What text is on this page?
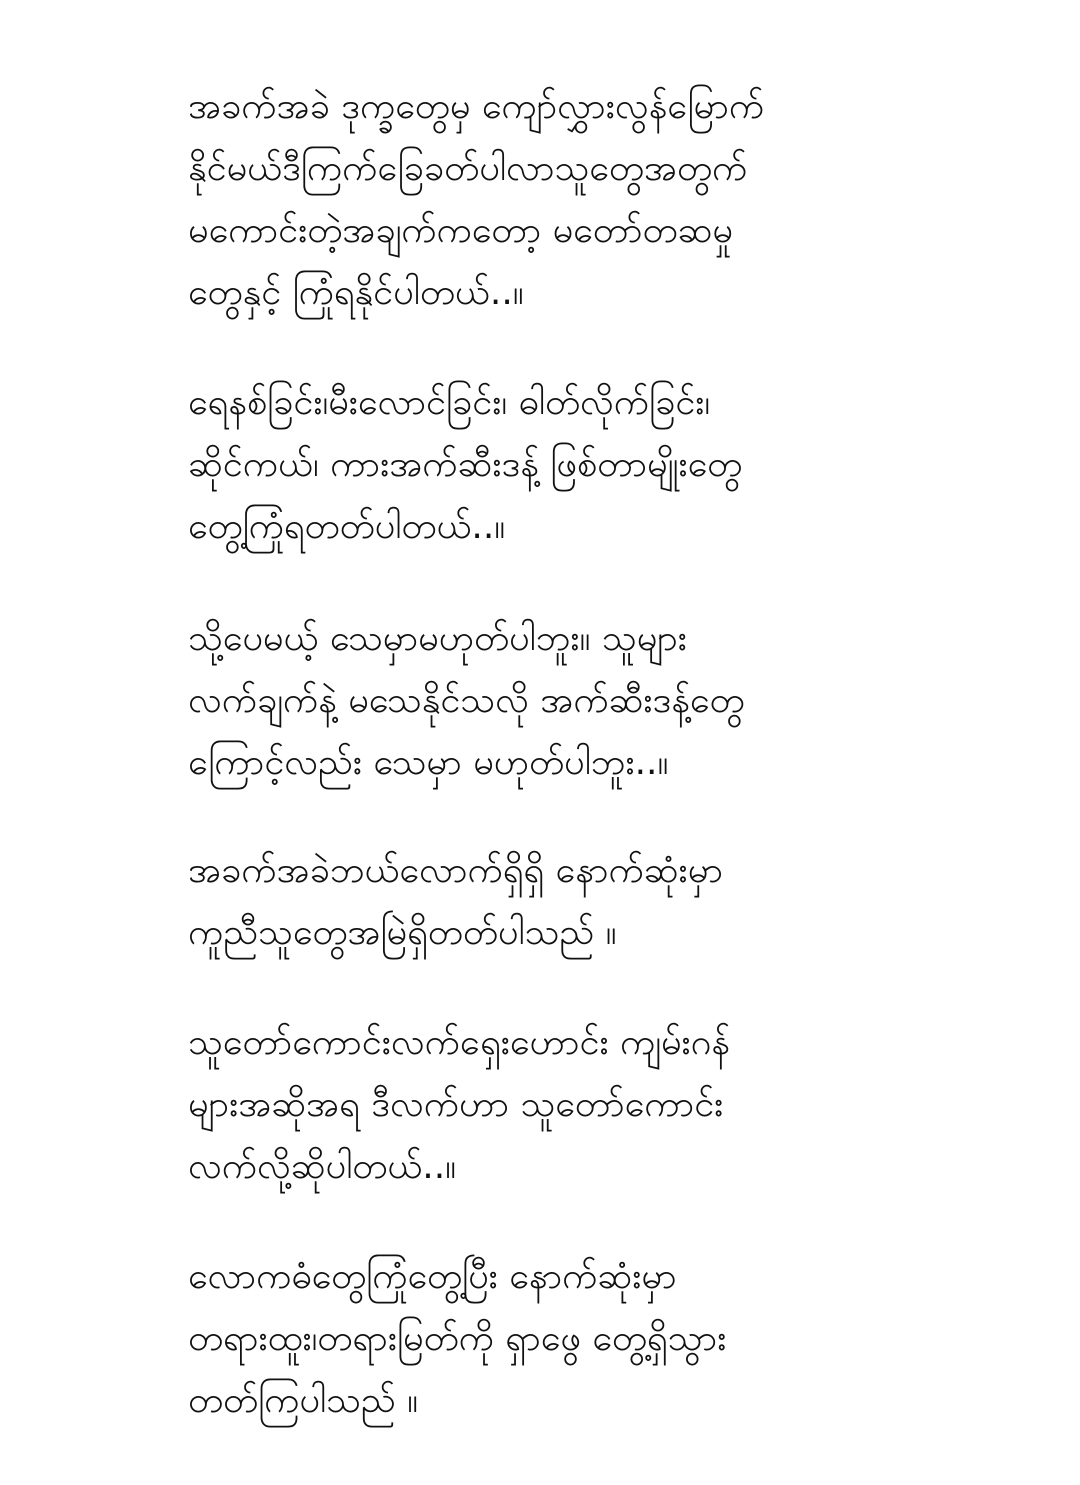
အခက်အခဲ ဒုက္ခတွေမှ ကျော်လွှားလွန်မြောက်
နိုင်မယ်ဒီကြက်ခြေခတ်ပါလာသူတွေအတွက်
မကောင်းတဲ့အချက်ကတော့ မတော်တဆမှု
တွေနှင့် ကြုံရနိုင်ပါတယ်..။
ရေနစ်ခြင်း၊မီးလောင်ခြင်း၊ ဓါတ်လိုက်ခြင်း၊
ဆိုင်ကယ်၊ ကားအက်ဆီးဒန့် ဖြစ်တာမျိုးတွေ
တွေ့ကြုံရတတ်ပါတယ်..။
သို့ပေမယ့် သေမှာမဟုတ်ပါဘူး။ သူများ
လက်ချက်နဲ့ မသေနိုင်သလို အက်ဆီးဒန့်တွေ
ကြောင့်လည်း သေမှာ မဟုတ်ပါဘူး..။
အခက်အခဲဘယ်လောက်ရှိရှိ နောက်ဆုံးမှာ
ကူညီသူတွေအမြဲရှိတတ်ပါသည် ။
သူတော်ကောင်းလက်ရှေးဟောင်း ကျမ်းဂန်
များအဆိုအရ ဒီလက်ဟာ သူတော်ကောင်း
လက်လို့ဆိုပါတယ်..။
လောကဓံတွေကြုံတွေ့ပြီး နောက်ဆုံးမှာ
တရားထူး၊တရားမြတ်ကို ရှာဖွေ တွေ့ရှိသွား
တတ်ကြပါသည် ။
